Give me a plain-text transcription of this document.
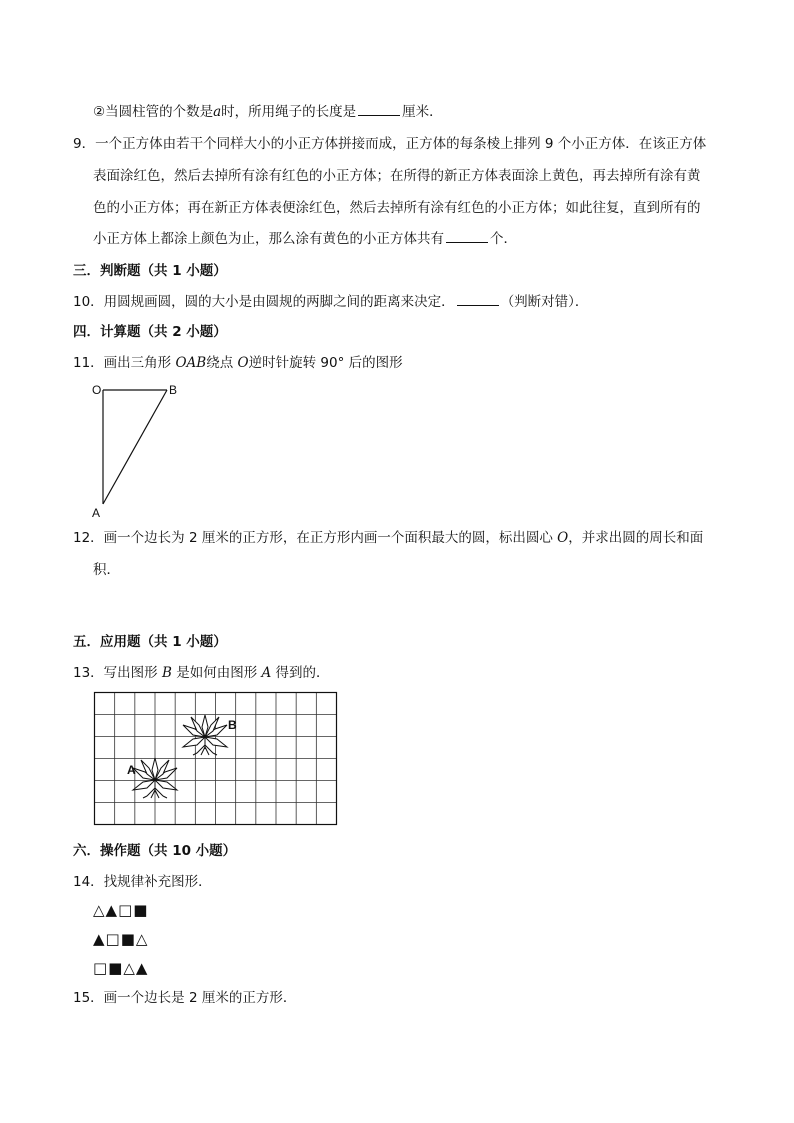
②当圆柱管的个数是a时，所用绳子的长度是	厘米．
9．一个正方体由若干个同样大小的小正方体拼接而成，正方体的每条棱上排列 9 个小正方体．在该正方体
表面涂红色，然后去掉所有涂有红色的小正方体；在所得的新正方体表面涂上黄色，再去掉所有涂有黄
色的小正方体；再在新正方体表便涂红色，然后去掉所有涂有红色的小正方体；如此往复，直到所有的
小正方体上都涂上颜色为止，那么涂有黄色的小正方体共有	个．
三．判断题（共 1 小题）
10．用圆规画圆，圆的大小是由圆规的两脚之间的距离来决定．	（判断对错）．
四．计算题（共 2 小题）
11．画出三角形 OAB绕点 O逆时针旋转 90° 后的图形
O	B
A
12．画一个边长为 2 厘米的正方形，在正方形内画一个面积最大的圆，标出圆心 O，并求出圆的周长和面
积．
五．应用题（共 1 小题）
13．写出图形 B 是如何由图形 A 得到的．
B
A
六．操作题（共 10 小题）
14．找规律补充图形．
△▲□■
▲□■△
□■△▲
15．画一个边长是 2 厘米的正方形．
